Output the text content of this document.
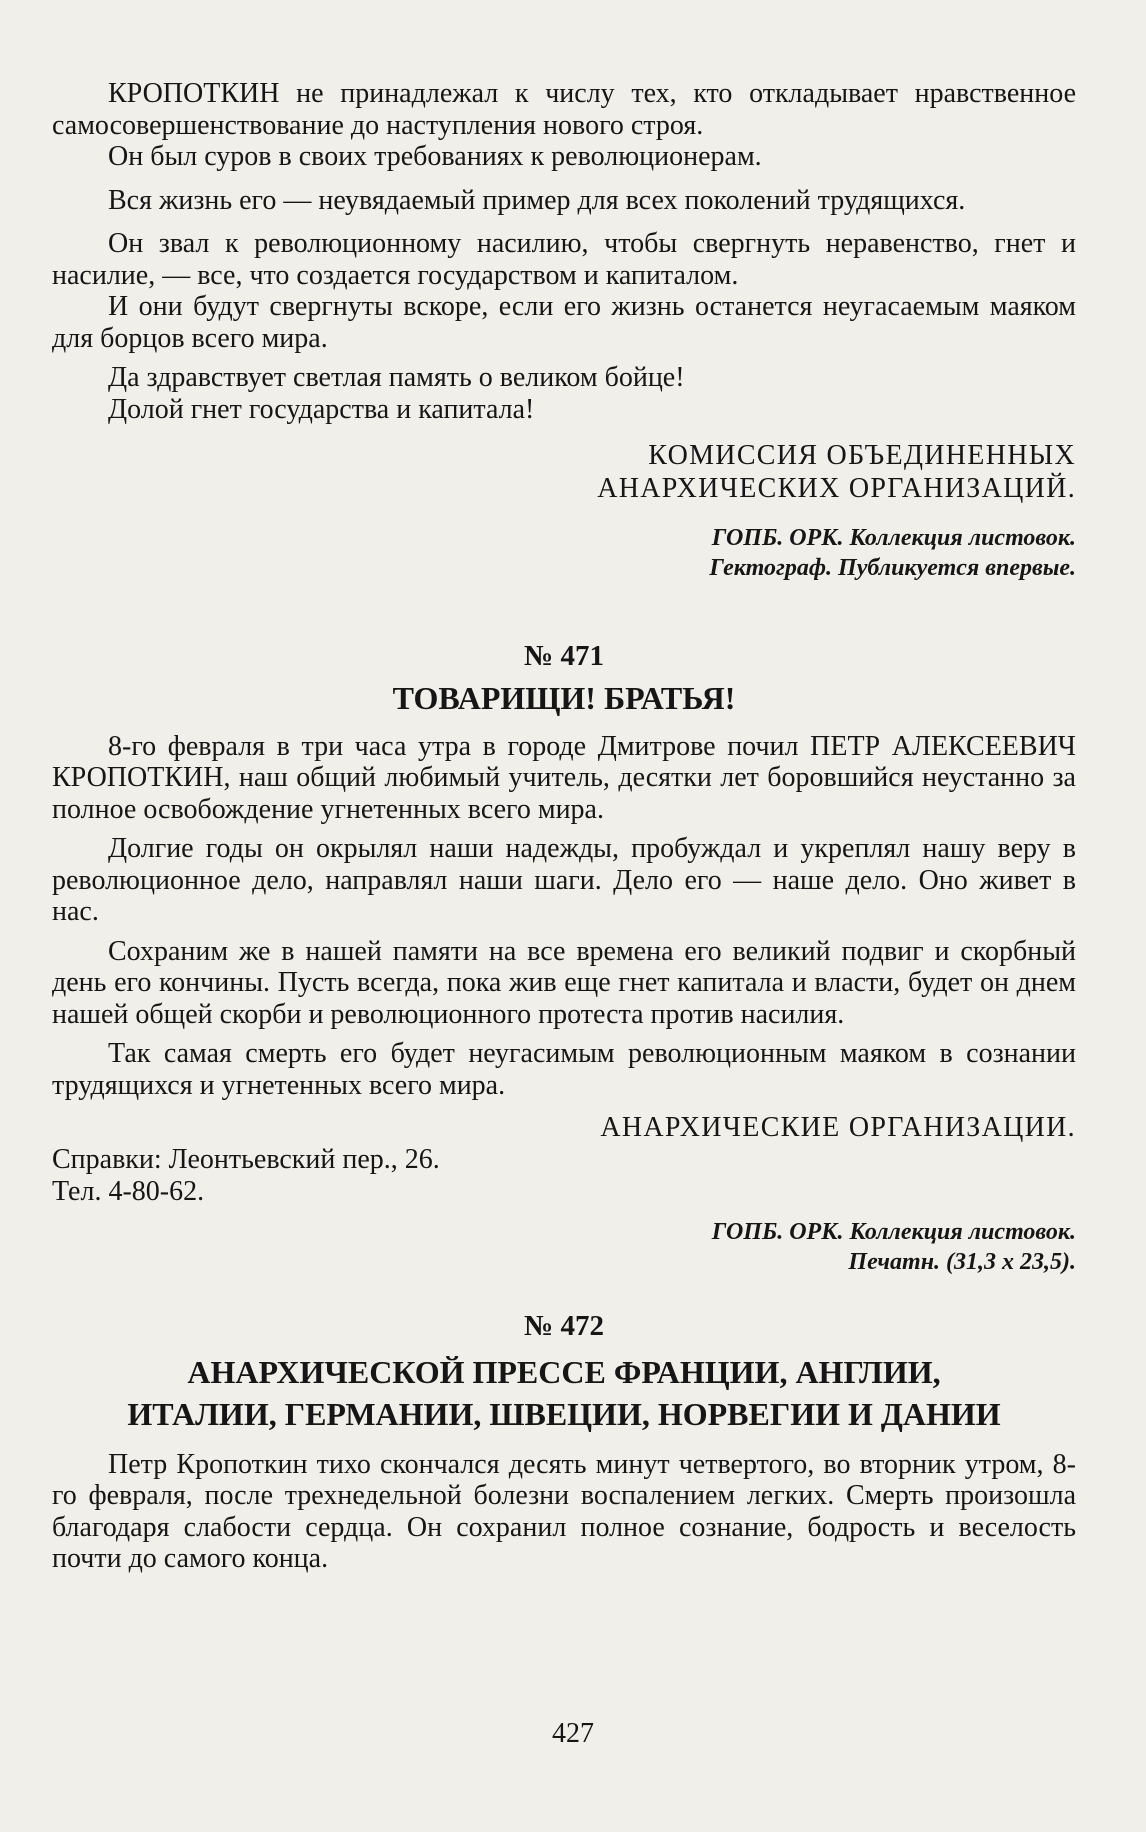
КРОПОТКИН не принадлежал к числу тех, кто откладывает нравственное самосовершенствование до наступления нового строя.

Он был суров в своих требованиях к революционерам.

Вся жизнь его — неувядаемый пример для всех поколений трудящихся.

Он звал к революционному насилию, чтобы свергнуть неравенство, гнет и насилие, — все, что создается государством и капиталом.

И они будут свергнуты вскоре, если его жизнь останется неугасаемым маяком для борцов всего мира.

Да здравствует светлая память о великом бойце!

Долой гнет государства и капитала!

КОМИССИЯ ОБЪЕДИНЕННЫХ

АНАРХИЧЕСКИХ ОРГАНИЗАЦИЙ.

ГОПБ. ОРК. Коллекция листовок.

Гектограф. Публикуется впервые.

№ 471

ТОВАРИЩИ! БРАТЬЯ!

8-го февраля в три часа утра в городе Дмитрове почил ПЕТР АЛЕКСЕЕВИЧ КРОПОТКИН, наш общий любимый учитель, десятки лет боровшийся неустанно за полное освобождение угнетенных всего мира.

Долгие годы он окрылял наши надежды, пробуждал и укреплял нашу веру в революционное дело, направлял наши шаги. Дело его — наше дело. Оно живет в нас.

Сохраним же в нашей памяти на все времена его великий подвиг и скорбный день его кончины. Пусть всегда, пока жив еще гнет капитала и власти, будет он днем нашей общей скорби и революционного протеста против насилия.

Так самая смерть его будет неугасимым революционным маяком в сознании трудящихся и угнетенных всего мира.

АНАРХИЧЕСКИЕ ОРГАНИЗАЦИИ.

Справки: Леонтьевский пер., 26.

Тел. 4-80-62.

ГОПБ. ОРК. Коллекция листовок.

Печатн. (31,3 х 23,5).

№ 472

АНАРХИЧЕСКОЙ ПРЕССЕ ФРАНЦИИ, АНГЛИИ,

ИТАЛИИ, ГЕРМАНИИ, ШВЕЦИИ, НОРВЕГИИ И ДАНИИ

Петр Кропоткин тихо скончался десять минут четвертого, во вторник утром, 8-го февраля, после трехнедельной болезни воспалением легких. Смерть произошла благодаря слабости сердца. Он сохранил полное сознание, бодрость и веселость почти до самого конца.

427
